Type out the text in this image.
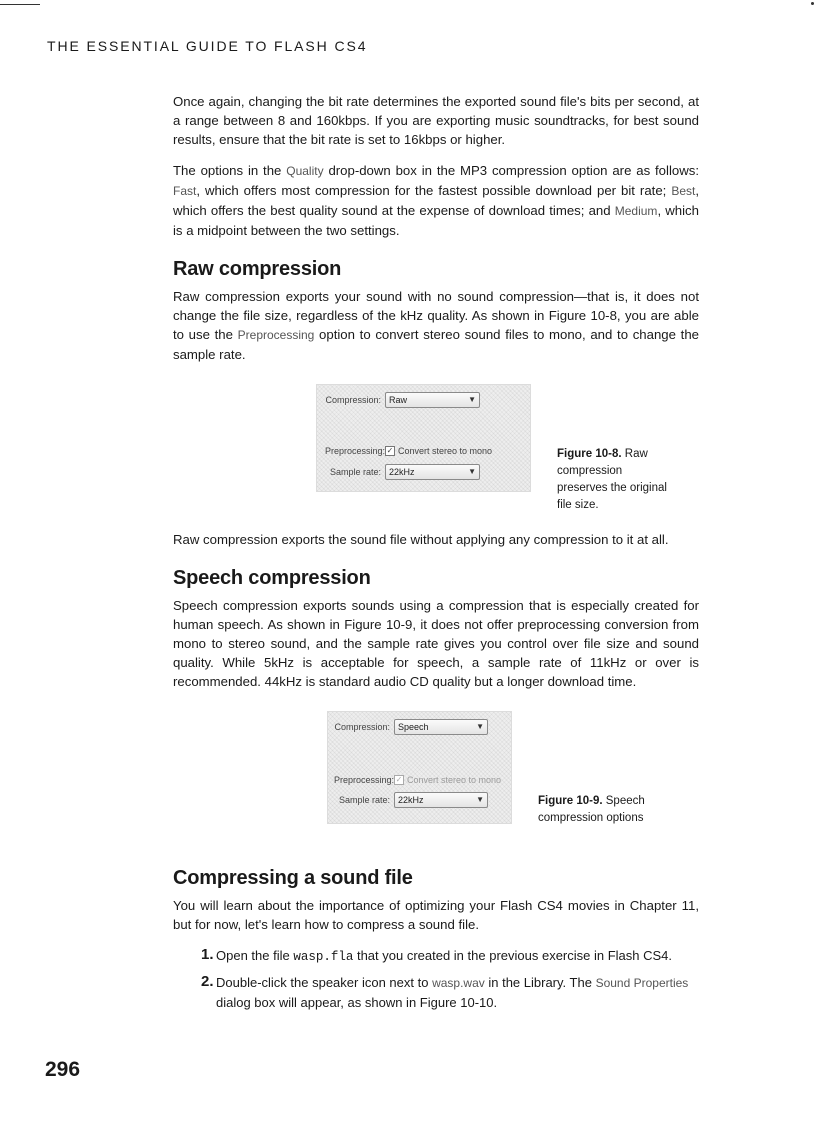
THE ESSENTIAL GUIDE TO FLASH CS4

Once again, changing the bit rate determines the exported sound file's bits per second, at a range between 8 and 160kbps. If you are exporting music soundtracks, for best sound results, ensure that the bit rate is set to 16kbps or higher.

The options in the Quality drop-down box in the MP3 compression option are as follows: Fast, which offers most compression for the fastest possible download per bit rate; Best, which offers the best quality sound at the expense of download times; and Medium, which is a midpoint between the two settings.

Raw compression

Raw compression exports your sound with no sound compression—that is, it does not change the file size, regardless of the kHz quality. As shown in Figure 10-8, you are able to use the Preprocessing option to convert stereo sound files to mono, and to change the sample rate.

Compression: Raw	▼
Preprocessing: ✓ Convert stereo to mono
Sample rate: 22kHz	▼
Figure 10-8. Raw compression preserves the original file size.

Raw compression exports the sound file without applying any compression to it at all.

Speech compression

Speech compression exports sounds using a compression that is especially created for human speech. As shown in Figure 10-9, it does not offer preprocessing conversion from mono to stereo sound, and the sample rate gives you control over file size and sound quality. While 5kHz is acceptable for speech, a sample rate of 11kHz or over is recommended. 44kHz is standard audio CD quality but a longer download time.

Compression: Speech	▼
Preprocessing: ✓ Convert stereo to mono
Sample rate: 22kHz	▼	Figure 10-9. Speech compression options
Compressing a sound file

You will learn about the importance of optimizing your Flash CS4 movies in Chapter 11, but for now, let's learn how to compress a sound file.

1. Open the file wasp.fla that you created in the previous exercise in Flash CS4.
2. Double-click the speaker icon next to wasp.wav in the Library. The Sound Properties dialog box will appear, as shown in Figure 10-10.
296
